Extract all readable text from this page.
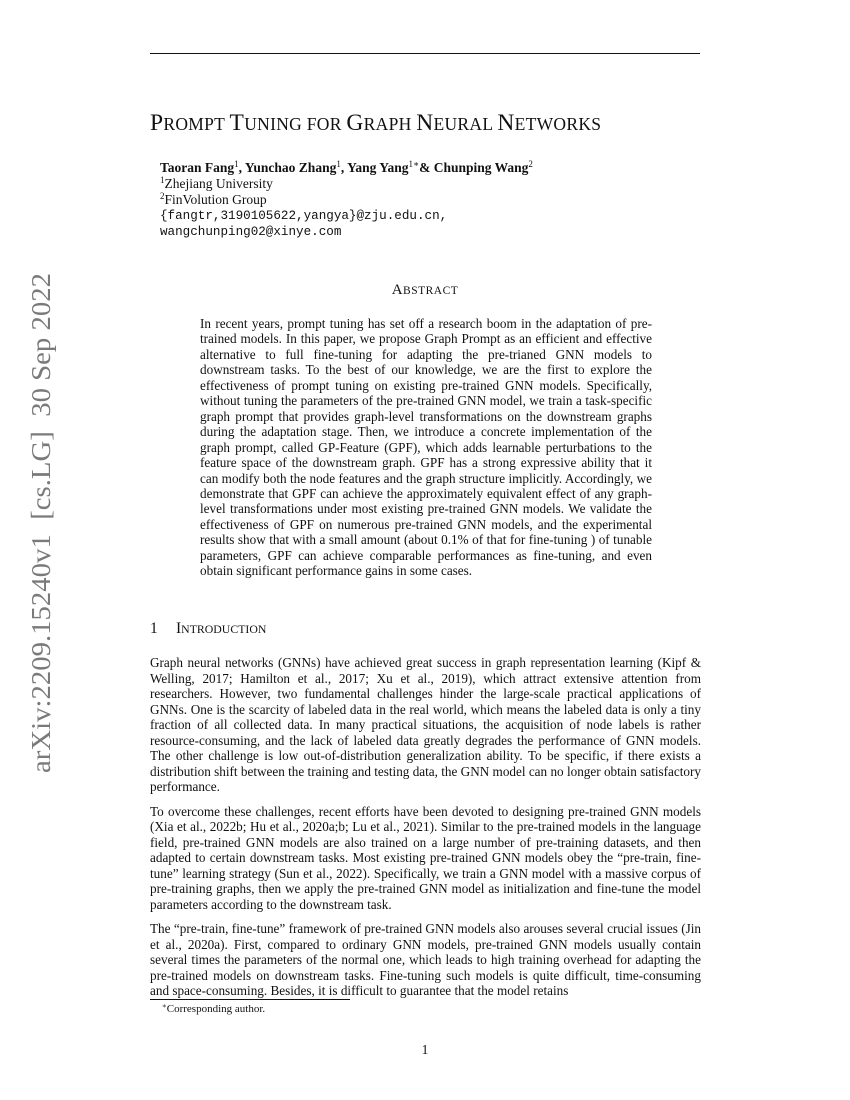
PROMPT TUNING FOR GRAPH NEURAL NETWORKS
Taoran Fang$^1$, Yunchao Zhang$^1$, Yang Yang$^{1∗}$& Chunping Wang$^2$
$^1$Zhejiang University
$^2$FinVolution Group
{fangtr,3190105622,yangya}@zju.edu.cn,
wangchunping02@xinye.com
ABSTRACT
In recent years, prompt tuning has set off a research boom in the adaptation of pre-trained models. In this paper, we propose Graph Prompt as an efficient and effective alternative to full fine-tuning for adapting the pre-trianed GNN models to downstream tasks. To the best of our knowledge, we are the first to explore the effectiveness of prompt tuning on existing pre-trained GNN models. Specifically, without tuning the parameters of the pre-trained GNN model, we train a task-specific graph prompt that provides graph-level transformations on the downstream graphs during the adaptation stage. Then, we introduce a concrete implementation of the graph prompt, called GP-Feature (GPF), which adds learnable perturbations to the feature space of the downstream graph. GPF has a strong expressive ability that it can modify both the node features and the graph structure implicitly. Accordingly, we demonstrate that GPF can achieve the approximately equivalent effect of any graph-level transformations under most existing pre-trained GNN models. We validate the effectiveness of GPF on numerous pre-trained GNN models, and the experimental results show that with a small amount (about 0.1% of that for fine-tuning ) of tunable parameters, GPF can achieve comparable performances as fine-tuning, and even obtain significant performance gains in some cases.
1 INTRODUCTION

Graph neural networks (GNNs) have achieved great success in graph representation learning (Kipf & Welling, 2017; Hamilton et al., 2017; Xu et al., 2019), which attract extensive attention from researchers. However, two fundamental challenges hinder the large-scale practical applications of GNNs. One is the scarcity of labeled data in the real world, which means the labeled data is only a tiny fraction of all collected data. In many practical situations, the acquisition of node labels is rather resource-consuming, and the lack of labeled data greatly degrades the performance of GNN models. The other challenge is low out-of-distribution generalization ability. To be specific, if there exists a distribution shift between the training and testing data, the GNN model can no longer obtain satisfactory performance.

To overcome these challenges, recent efforts have been devoted to designing pre-trained GNN models (Xia et al., 2022b; Hu et al., 2020a;b; Lu et al., 2021). Similar to the pre-trained models in the language field, pre-trained GNN models are also trained on a large number of pre-training datasets, and then adapted to certain downstream tasks. Most existing pre-trained GNN models obey the “pre-train, fine-tune” learning strategy (Sun et al., 2022). Specifically, we train a GNN model with a massive corpus of pre-training graphs, then we apply the pre-trained GNN model as initialization and fine-tune the model parameters according to the downstream task.

The “pre-train, fine-tune” framework of pre-trained GNN models also arouses several crucial issues (Jin et al., 2020a). First, compared to ordinary GNN models, pre-trained GNN models usually contain several times the parameters of the normal one, which leads to high training overhead for adapting the pre-trained models on downstream tasks. Fine-tuning such models is quite difficult, time-consuming and space-consuming. Besides, it is difficult to guarantee that the model retains

∗Corresponding author.
1
arXiv:2209.15240v1  [cs.LG]  30 Sep 2022
